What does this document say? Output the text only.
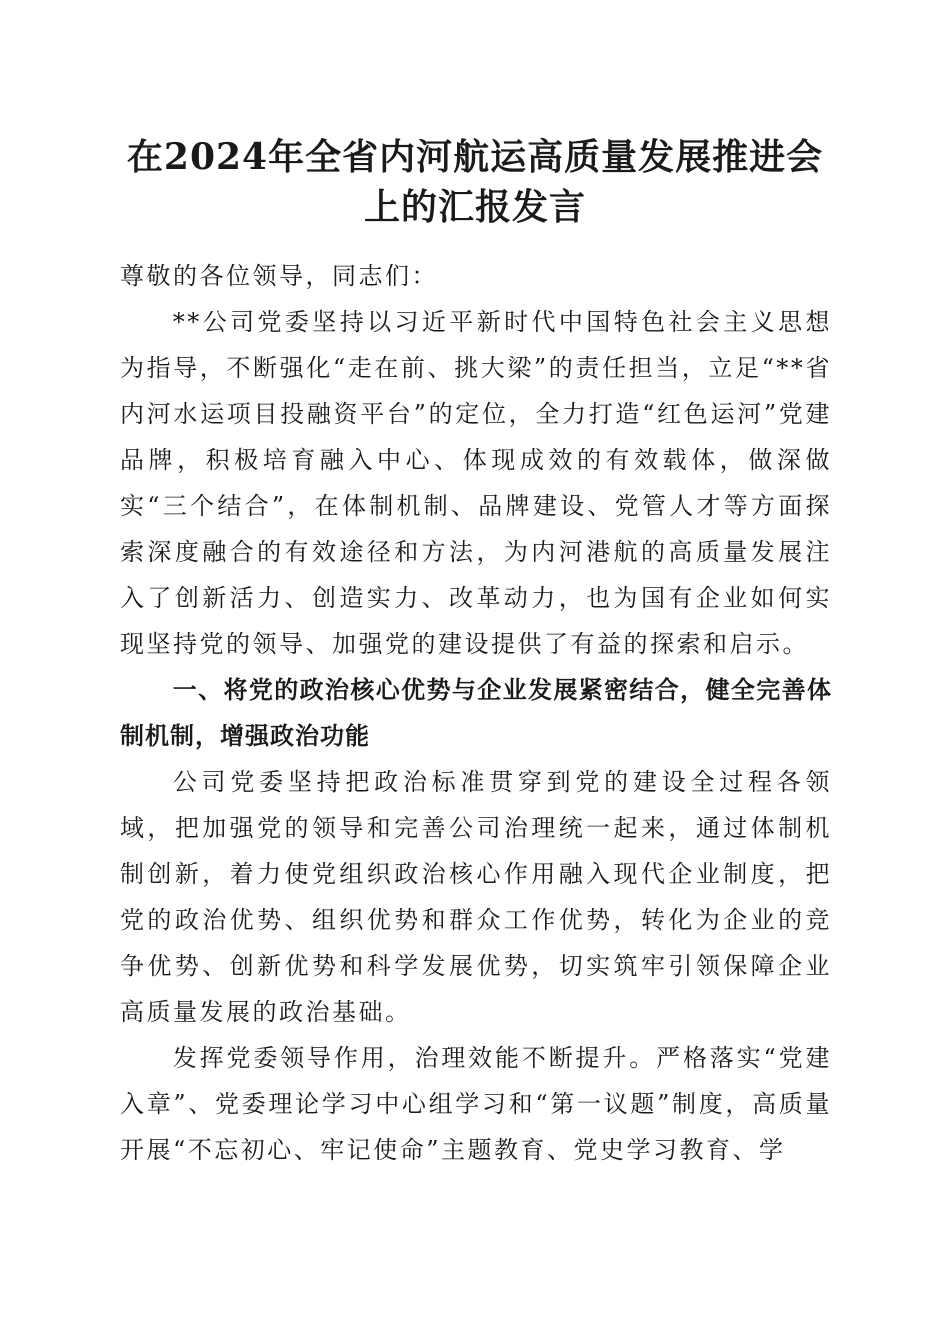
在2024年全省内河航运高质量发展推进会上的汇报发言

尊敬的各位领导，同志们：

**公司党委坚持以习近平新时代中国特色社会主义思想为指导，不断强化“走在前、挑大梁”的责任担当，立足“**省内河水运项目投融资平台”的定位，全力打造“红色运河”党建品牌，积极培育融入中心、体现成效的有效载体，做深做实“三个结合”，在体制机制、品牌建设、党管人才等方面探索深度融合的有效途径和方法，为内河港航的高质量发展注入了创新活力、创造实力、改革动力，也为国有企业如何实现坚持党的领导、加强党的建设提供了有益的探索和启示。

一、将党的政治核心优势与企业发展紧密结合，健全完善体制机制，增强政治功能

公司党委坚持把政治标准贯穿到党的建设全过程各领域，把加强党的领导和完善公司治理统一起来，通过体制机制创新，着力使党组织政治核心作用融入现代企业制度，把党的政治优势、组织优势和群众工作优势，转化为企业的竞争优势、创新优势和科学发展优势，切实筑牢引领保障企业高质量发展的政治基础。

发挥党委领导作用，治理效能不断提升。严格落实“党建入章”、党委理论学习中心组学习和“第一议题”制度，高质量开展“不忘初心、牢记使命”主题教育、党史学习教育、学
